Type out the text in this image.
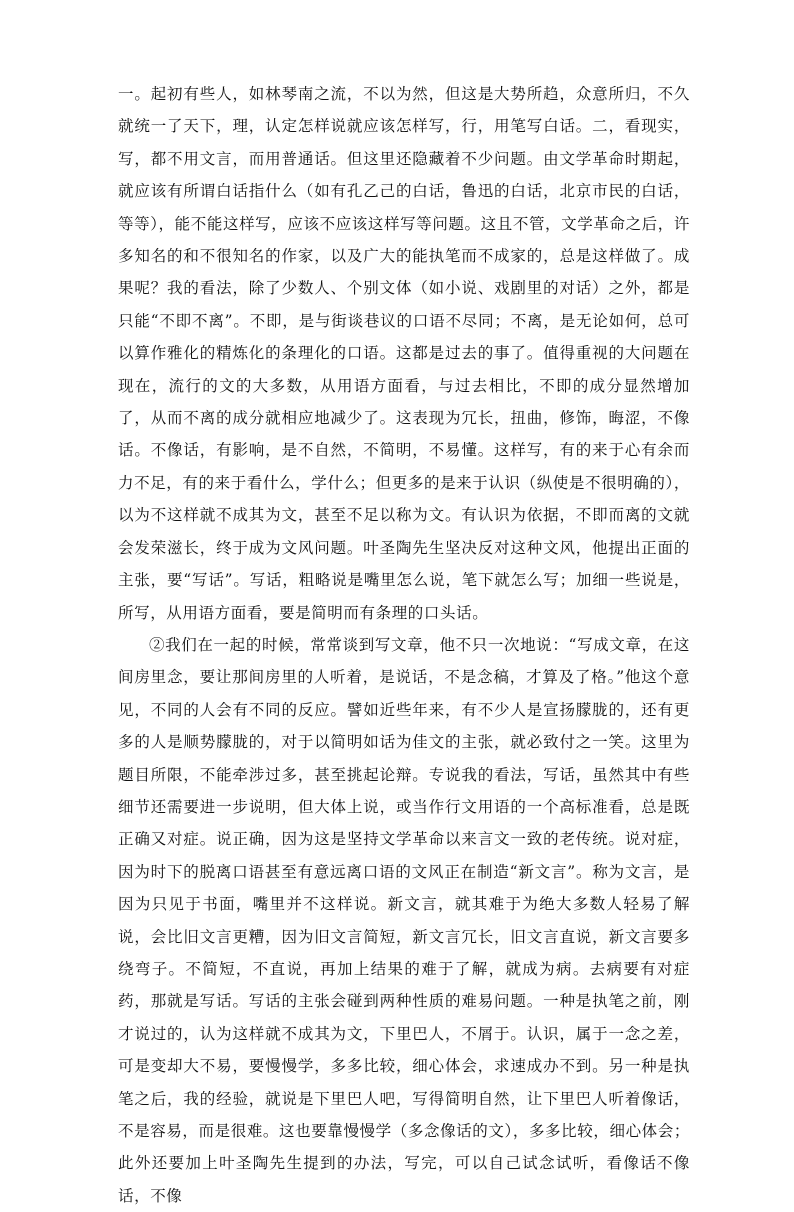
一。起初有些人，如林琴南之流，不以为然，但这是大势所趋，众意所归，不久就统一了天下，理，认定怎样说就应该怎样写，行，用笔写白话。二，看现实，写，都不用文言，而用普通话。但这里还隐藏着不少问题。由文学革命时期起，就应该有所谓白话指什么（如有孔乙己的白话，鲁迅的白话，北京市民的白话，等等），能不能这样写，应该不应该这样写等问题。这且不管，文学革命之后，许多知名的和不很知名的作家，以及广大的能执笔而不成家的，总是这样做了。成果呢？我的看法，除了少数人、个别文体（如小说、戏剧里的对话）之外，都是只能“不即不离”。不即，是与街谈巷议的口语不尽同；不离，是无论如何，总可以算作雅化的精炼化的条理化的口语。这都是过去的事了。值得重视的大问题在现在，流行的文的大多数，从用语方面看，与过去相比，不即的成分显然增加了，从而不离的成分就相应地减少了。这表现为冗长，扭曲，修饰，晦涩，不像话。不像话，有影响，是不自然，不简明，不易懂。这样写，有的来于心有余而力不足，有的来于看什么，学什么；但更多的是来于认识（纵使是不很明确的），以为不这样就不成其为文，甚至不足以称为文。有认识为依据，不即而离的文就会发荣滋长，终于成为文风问题。叶圣陶先生坚决反对这种文风，他提出正面的主张，要“写话”。写话，粗略说是嘴里怎么说，笔下就怎么写；加细一些说是，所写，从用语方面看，要是简明而有条理的口头话。

②我们在一起的时候，常常谈到写文章，他不只一次地说：“写成文章，在这间房里念，要让那间房里的人听着，是说话，不是念稿，才算及了格。”他这个意见，不同的人会有不同的反应。譬如近些年来，有不少人是宣扬朦胧的，还有更多的人是顺势朦胧的，对于以简明如话为佳文的主张，就必致付之一笑。这里为题目所限，不能牵涉过多，甚至挑起论辩。专说我的看法，写话，虽然其中有些细节还需要进一步说明，但大体上说，或当作行文用语的一个高标准看，总是既正确又对症。说正确，因为这是坚持文学革命以来言文一致的老传统。说对症，因为时下的脱离口语甚至有意远离口语的文风正在制造“新文言”。称为文言，是因为只见于书面，嘴里并不这样说。新文言，就其难于为绝大多数人轻易了解说，会比旧文言更糟，因为旧文言简短，新文言冗长，旧文言直说，新文言要多绕弯子。不简短，不直说，再加上结果的难于了解，就成为病。去病要有对症药，那就是写话。写话的主张会碰到两种性质的难易问题。一种是执笔之前，刚才说过的，认为这样就不成其为文，下里巴人，不屑于。认识，属于一念之差，可是变却大不易，要慢慢学，多多比较，细心体会，求速成办不到。另一种是执笔之后，我的经验，就说是下里巴人吧，写得简明自然，让下里巴人听着像话，不是容易，而是很难。这也要靠慢慢学（多念像话的文），多多比较，细心体会；此外还要加上叶圣陶先生提到的办法，写完，可以自己试念试听，看像话不像话，不像
